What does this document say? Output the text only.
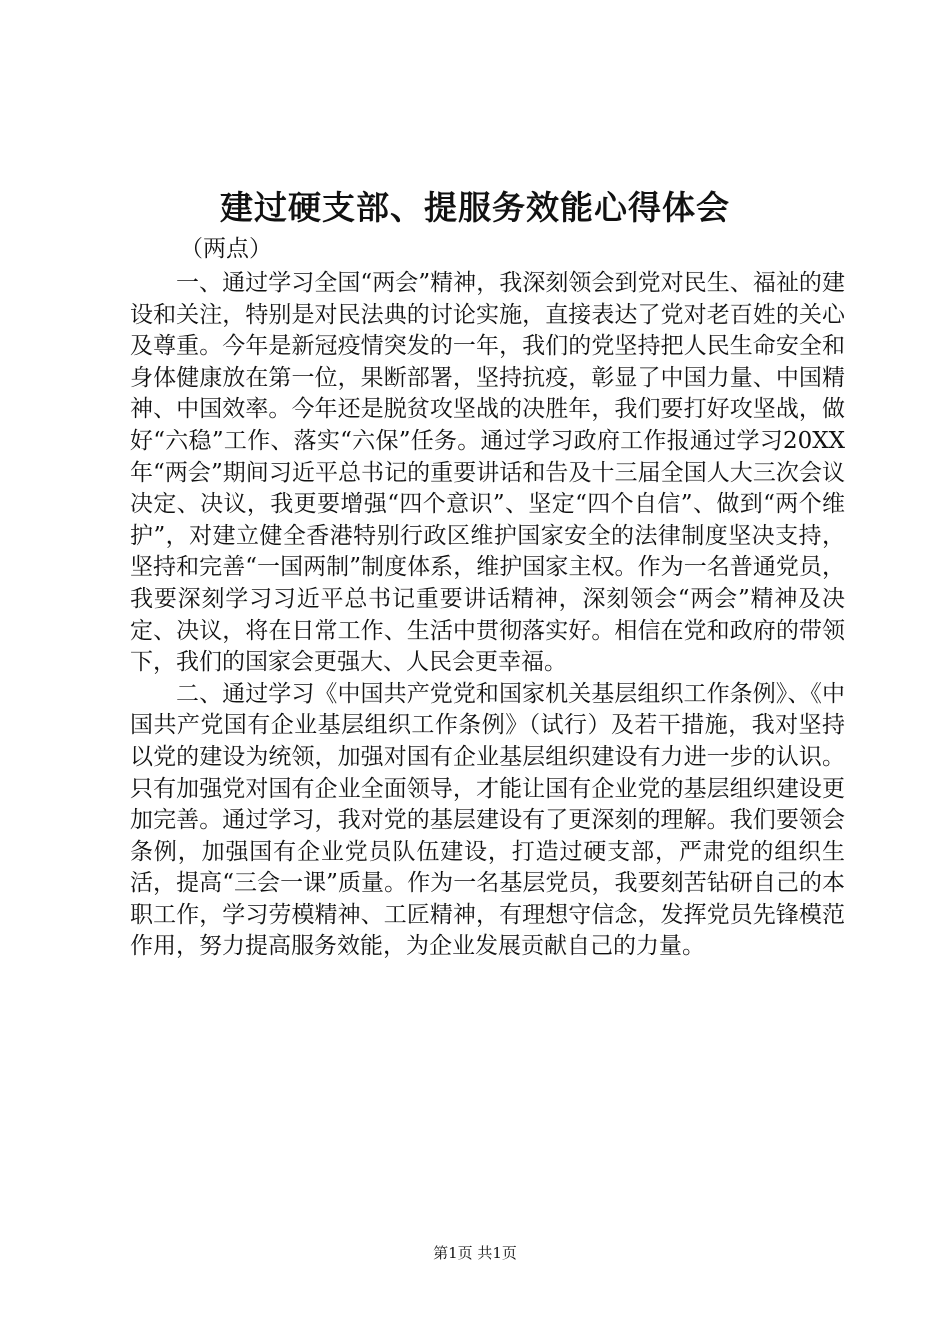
建过硬支部、提服务效能心得体会
（两点）

一、通过学习全国“两会”精神，我深刻领会到党对民生、福祉的建设和关注，特别是对民法典的讨论实施，直接表达了党对老百姓的关心及尊重。今年是新冠疫情突发的一年，我们的党坚持把人民生命安全和身体健康放在第一位，果断部署，坚持抗疫，彰显了中国力量、中国精神、中国效率。今年还是脱贫攻坚战的决胜年，我们要打好攻坚战，做好“六稳”工作、落实“六保”任务。通过学习政府工作报通过学习20XX年“两会”期间习近平总书记的重要讲话和告及十三届全国人大三次会议决定、决议，我更要增强“四个意识”、坚定“四个自信”、做到“两个维护”，对建立健全香港特别行政区维护国家安全的法律制度坚决支持，坚持和完善“一国两制”制度体系，维护国家主权。作为一名普通党员，我要深刻学习习近平总书记重要讲话精神，深刻领会“两会”精神及决定、决议，将在日常工作、生活中贯彻落实好。相信在党和政府的带领下，我们的国家会更强大、人民会更幸福。

二、通过学习《中国共产党党和国家机关基层组织工作条例》、《中国共产党国有企业基层组织工作条例》（试行）及若干措施，我对坚持以党的建设为统领，加强对国有企业基层组织建设有力进一步的认识。只有加强党对国有企业全面领导，才能让国有企业党的基层组织建设更加完善。通过学习，我对党的基层建设有了更深刻的理解。我们要领会条例，加强国有企业党员队伍建设，打造过硬支部，严肃党的组织生活，提高“三会一课”质量。作为一名基层党员，我要刻苦钻研自己的本职工作，学习劳模精神、工匠精神，有理想守信念，发挥党员先锋模范作用，努力提高服务效能，为企业发展贡献自己的力量。

第1页 共1页
